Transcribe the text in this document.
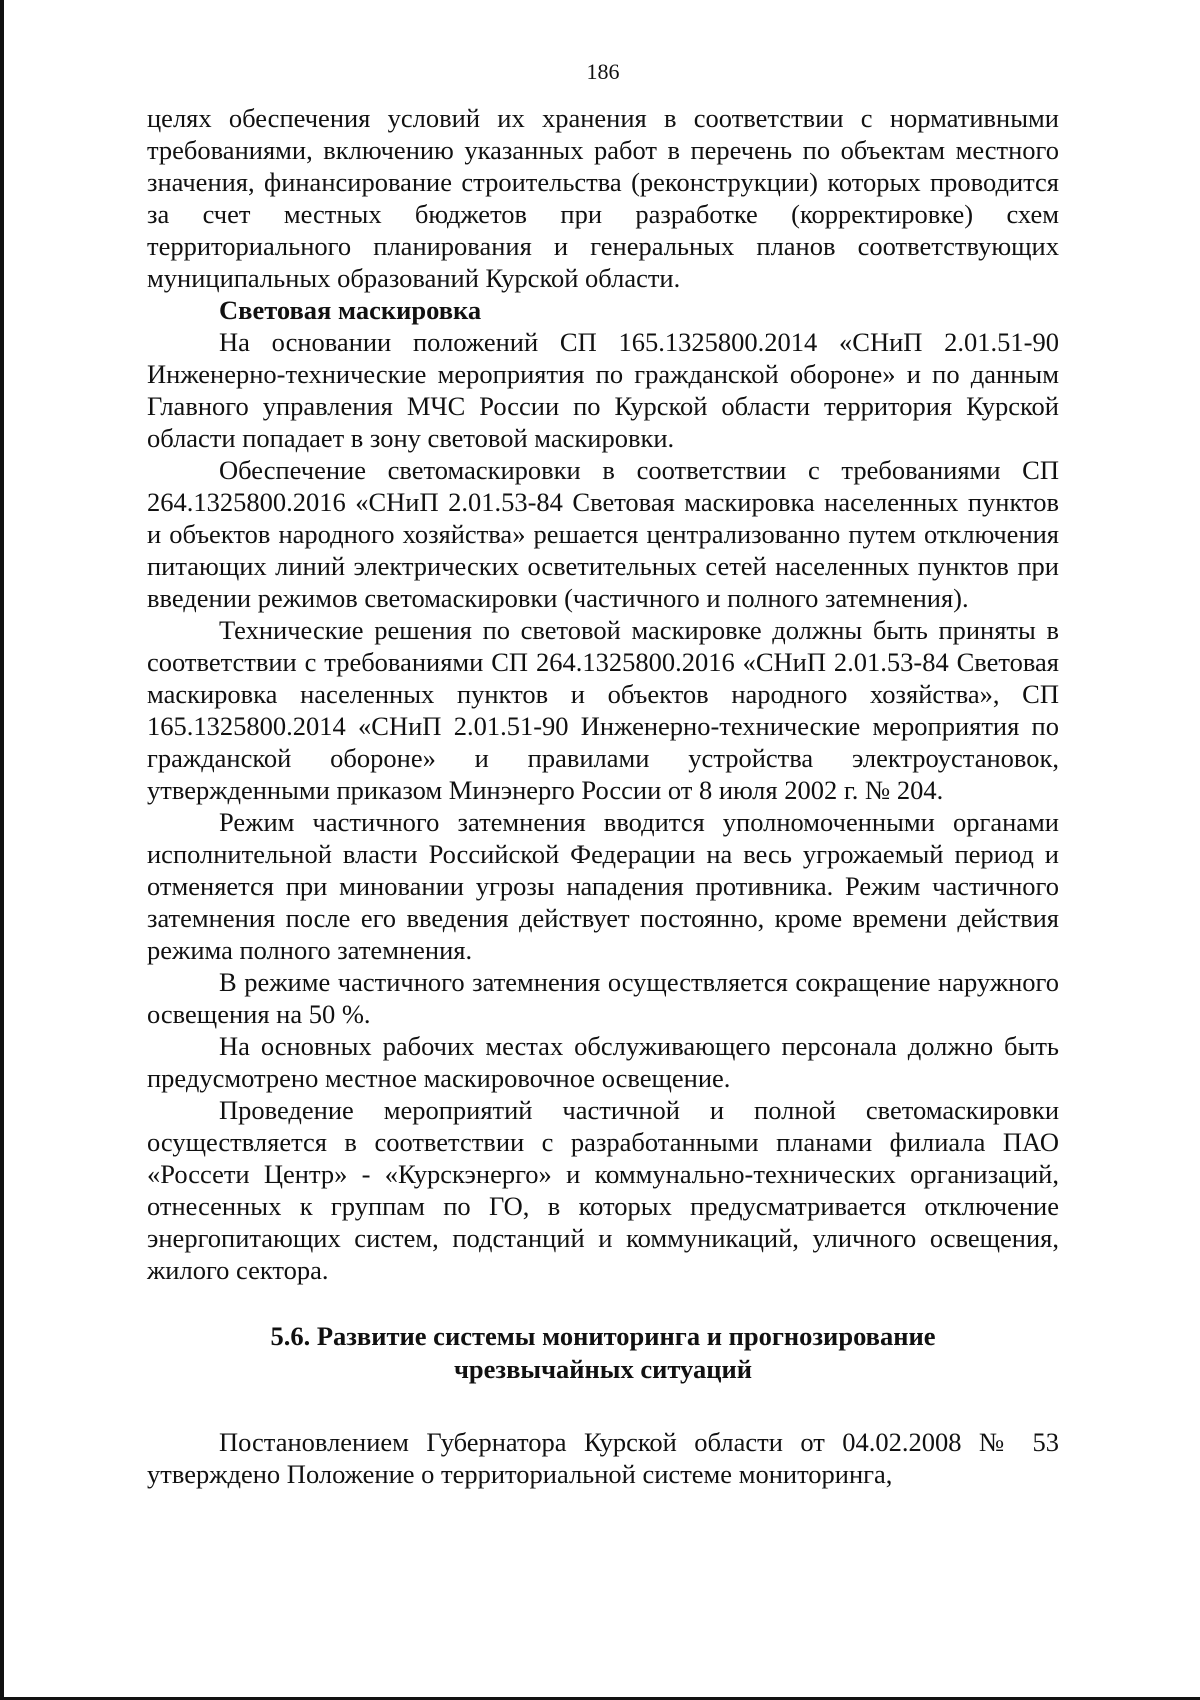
186

целях обеспечения условий их хранения в соответствии с нормативными требованиями, включению указанных работ в перечень по объектам местного значения, финансирование строительства (реконструкции) которых проводится за счет местных бюджетов при разработке (корректировке) схем территориального планирования и генеральных планов соответствующих муниципальных образований Курской области.

Световая маскировка

На основании положений СП 165.1325800.2014 «СНиП 2.01.51-90 Инженерно-технические мероприятия по гражданской обороне» и по данным Главного управления МЧС России по Курской области территория Курской области попадает в зону световой маскировки.

Обеспечение светомаскировки в соответствии с требованиями СП 264.1325800.2016 «СНиП 2.01.53-84 Световая маскировка населенных пунктов и объектов народного хозяйства» решается централизованно путем отключения питающих линий электрических осветительных сетей населенных пунктов при введении режимов светомаскировки (частичного и полного затемнения).

Технические решения по световой маскировке должны быть приняты в соответствии с требованиями СП 264.1325800.2016 «СНиП 2.01.53-84 Световая маскировка населенных пунктов и объектов народного хозяйства», СП 165.1325800.2014 «СНиП 2.01.51-90 Инженерно-технические мероприятия по гражданской обороне» и правилами устройства электроустановок, утвержденными приказом Минэнерго России от 8 июля 2002 г. № 204.

Режим частичного затемнения вводится уполномоченными органами исполнительной власти Российской Федерации на весь угрожаемый период и отменяется при миновании угрозы нападения противника. Режим частичного затемнения после его введения действует постоянно, кроме времени действия режима полного затемнения.

В режиме частичного затемнения осуществляется сокращение наружного освещения на 50 %.

На основных рабочих местах обслуживающего персонала должно быть предусмотрено местное маскировочное освещение.

Проведение мероприятий частичной и полной светомаскировки осуществляется в соответствии с разработанными планами филиала ПАО «Россети Центр» - «Курскэнерго» и коммунально-технических организаций, отнесенных к группам по ГО, в которых предусматривается отключение энергопитающих систем, подстанций и коммуникаций, уличного освещения, жилого сектора.

5.6. Развитие системы мониторинга и прогнозирование
чрезвычайных ситуаций

Постановлением Губернатора Курской области от 04.02.2008 № 53 утверждено Положение о территориальной системе мониторинга,
